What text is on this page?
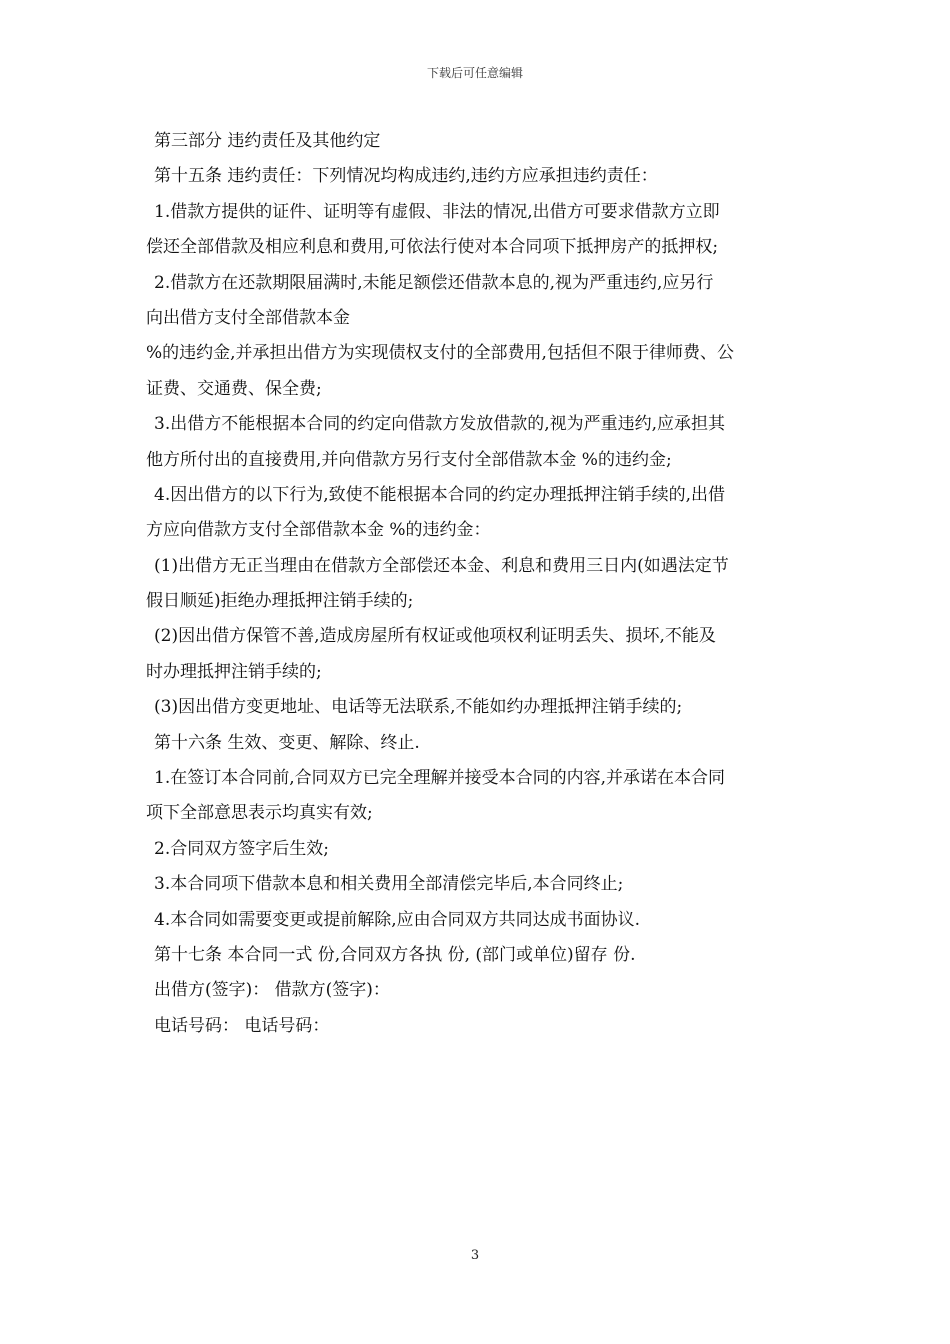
下载后可任意编辑
第三部分 违约责任及其他约定
第十五条 违约责任：下列情况均构成违约,违约方应承担违约责任：
1.借款方提供的证件、证明等有虚假、非法的情况,出借方可要求借款方立即
偿还全部借款及相应利息和费用,可依法行使对本合同项下抵押房产的抵押权;
2.借款方在还款期限届满时,未能足额偿还借款本息的,视为严重违约,应另行
向出借方支付全部借款本金
%的违约金,并承担出借方为实现债权支付的全部费用,包括但不限于律师费、公
证费、交通费、保全费;
3.出借方不能根据本合同的约定向借款方发放借款的,视为严重违约,应承担其
他方所付出的直接费用,并向借款方另行支付全部借款本金 %的违约金;
4.因出借方的以下行为,致使不能根据本合同的约定办理抵押注销手续的,出借
方应向借款方支付全部借款本金 %的违约金：
(1)出借方无正当理由在借款方全部偿还本金、利息和费用三日内(如遇法定节
假日顺延)拒绝办理抵押注销手续的;
(2)因出借方保管不善,造成房屋所有权证或他项权利证明丢失、损坏,不能及
时办理抵押注销手续的;
(3)因出借方变更地址、电话等无法联系,不能如约办理抵押注销手续的;
第十六条 生效、变更、解除、终止.
1.在签订本合同前,合同双方已完全理解并接受本合同的内容,并承诺在本合同
项下全部意思表示均真实有效;
2.合同双方签字后生效;
3.本合同项下借款本息和相关费用全部清偿完毕后,本合同终止;
4.本合同如需要变更或提前解除,应由合同双方共同达成书面协议.
第十七条 本合同一式 份,合同双方各执 份, (部门或单位)留存 份.
出借方(签字)： 借款方(签字)：
电话号码： 电话号码：
3
